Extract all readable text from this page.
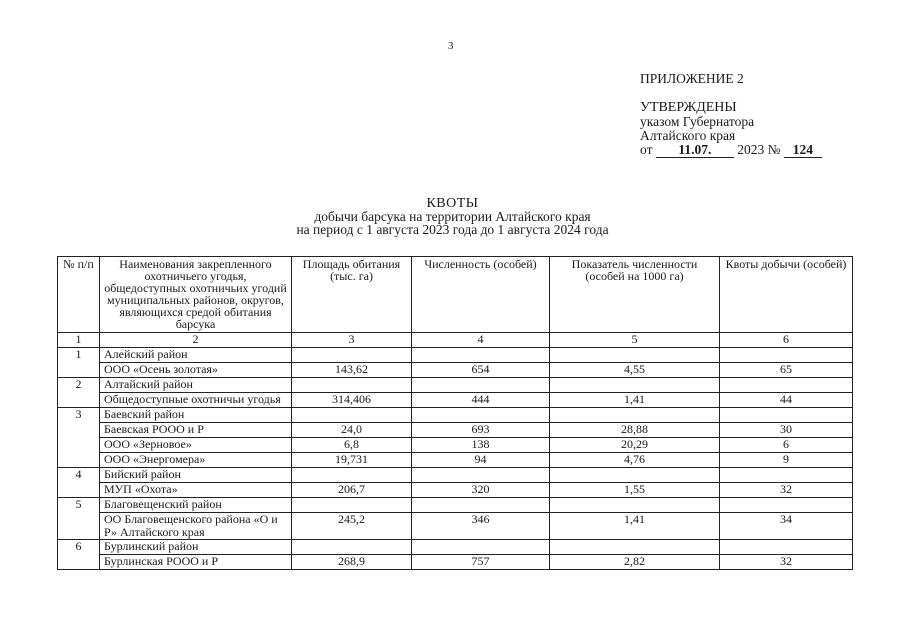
3
ПРИЛОЖЕНИЕ 2
УТВЕРЖДЕНЫ
указом Губернатора
Алтайского края
от 11.07. 2023 № 124
КВОТЫ
добычи барсука на территории Алтайского края
на период с 1 августа 2023 года до 1 августа 2024 года
№ п/п	Наименования закрепленного охотничьего угодья, общедоступных охотничьих угодий муниципальных районов, округов, являющихся средой обитания барсука	Площадь обитания (тыс. га)	Численность (особей)	Показатель численности (особей на 1000 га)	Квоты добычи (особей)
1	2	3	4	5	6
1	Алейский район				
	ООО «Осень золотая»	143,62	654	4,55	65
2	Алтайский район				
	Общедоступные охотничьи угодья	314,406	444	1,41	44
3	Баевский район				
	Баевская РООО и Р	24,0	693	28,88	30
	ООО «Зерновое»	6,8	138	20,29	6
	ООО «Энергомера»	19,731	94	4,76	9
4	Бийский район				
	МУП «Охота»	206,7	320	1,55	32
5	Благовещенский район				
	ОО Благовещенского района «О и Р» Алтайского края	245,2	346	1,41	34
6	Бурлинский район				
	Бурлинская РООО и Р	268,9	757	2,82	32
